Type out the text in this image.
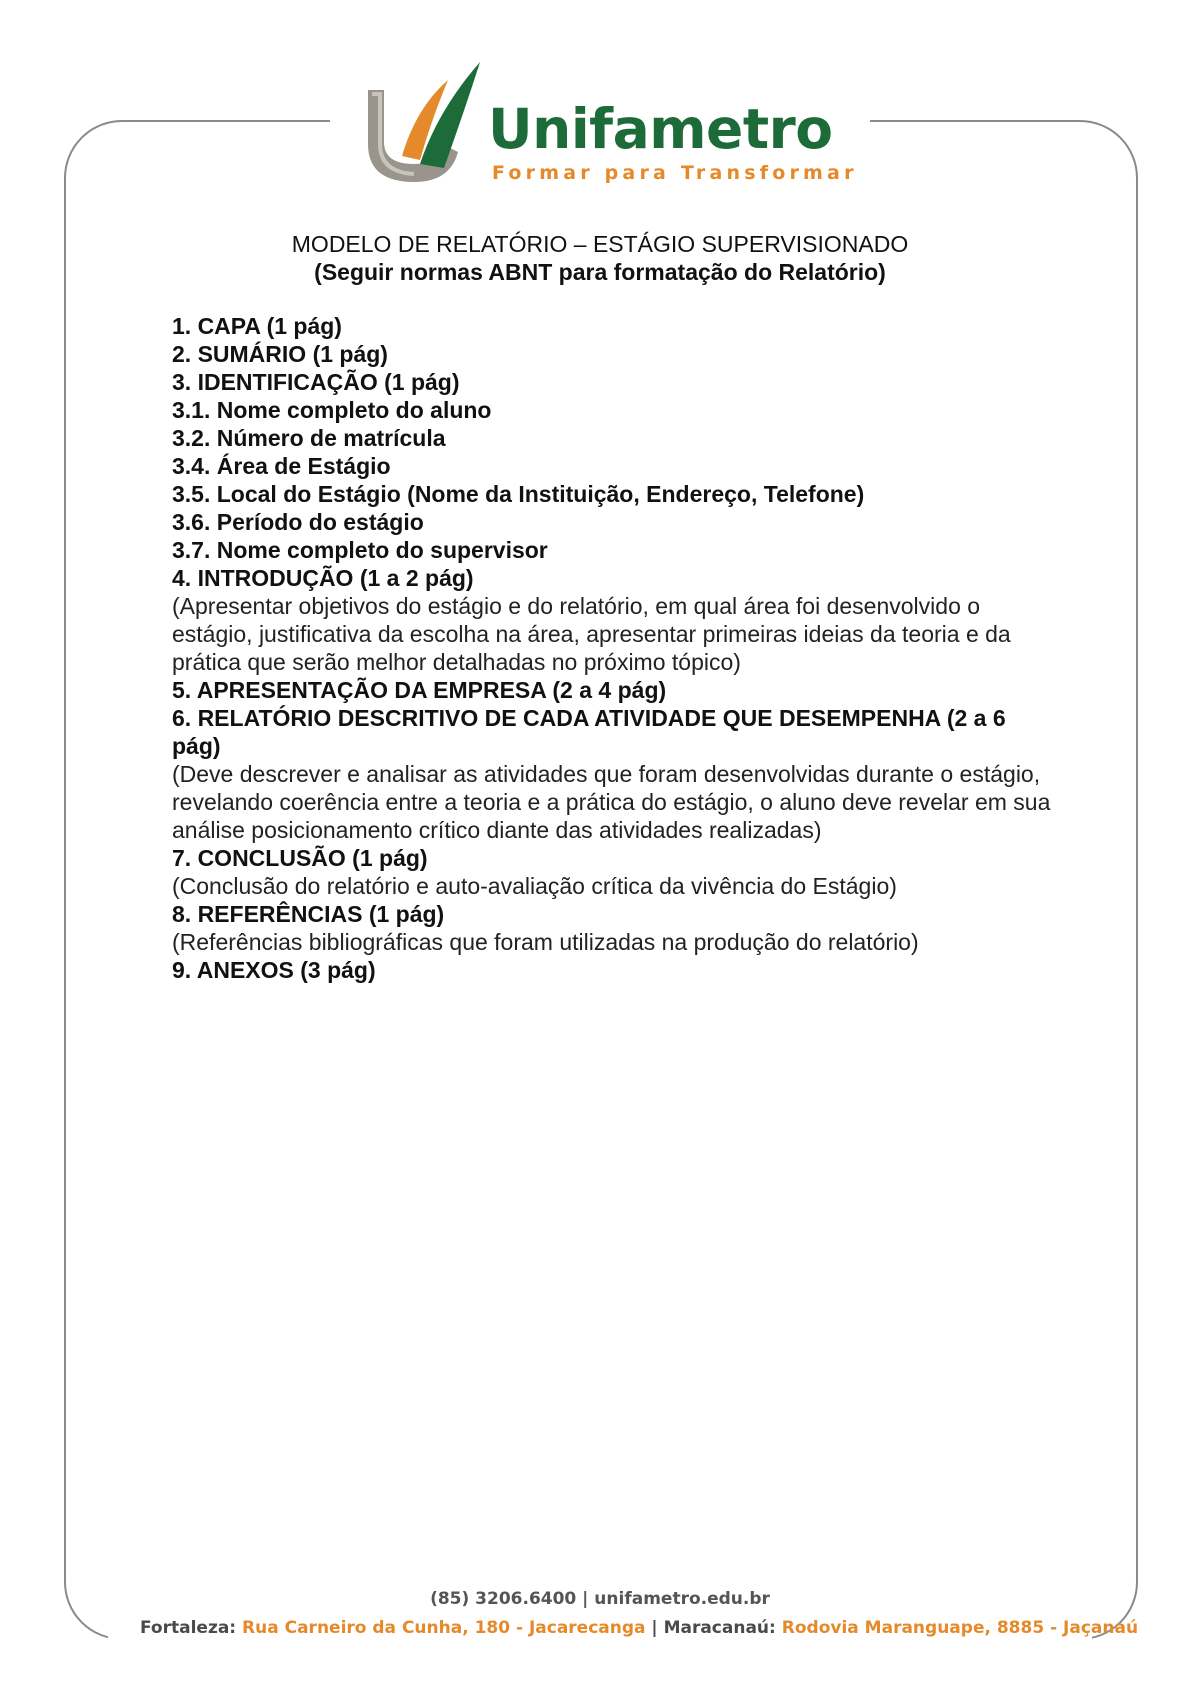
Unifametro
Formar para Transformar
MODELO DE RELATÓRIO – ESTÁGIO SUPERVISIONADO
(Seguir normas ABNT para formatação do Relatório)

1. CAPA (1 pág)

2. SUMÁRIO (1 pág)

3. IDENTIFICAÇÃO (1 pág)

3.1. Nome completo do aluno

3.2. Número de matrícula

3.4. Área de Estágio

3.5. Local do Estágio (Nome da Instituição, Endereço, Telefone)

3.6. Período do estágio

3.7. Nome completo do supervisor

4. INTRODUÇÃO (1 a 2 pág)

(Apresentar objetivos do estágio e do relatório, em qual área foi desenvolvido o estágio, justificativa da escolha na área, apresentar primeiras ideias da teoria e da prática que serão melhor detalhadas no próximo tópico)

5. APRESENTAÇÃO DA EMPRESA (2 a 4 pág)

6. RELATÓRIO DESCRITIVO DE CADA ATIVIDADE QUE DESEMPENHA (2 a 6 pág)

(Deve descrever e analisar as atividades que foram desenvolvidas durante o estágio, revelando coerência entre a teoria e a prática do estágio, o aluno deve revelar em sua análise posicionamento crítico diante das atividades realizadas)

7. CONCLUSÃO (1 pág)

(Conclusão do relatório e auto-avaliação crítica da vivência do Estágio)

8. REFERÊNCIAS (1 pág)

(Referências bibliográficas que foram utilizadas na produção do relatório)

9. ANEXOS (3 pág)

(85) 3206.6400 | unifametro.edu.br
Fortaleza: Rua Carneiro da Cunha, 180 - Jacarecanga | Maracanaú: Rodovia Maranguape, 8885 - Jaçanaú
